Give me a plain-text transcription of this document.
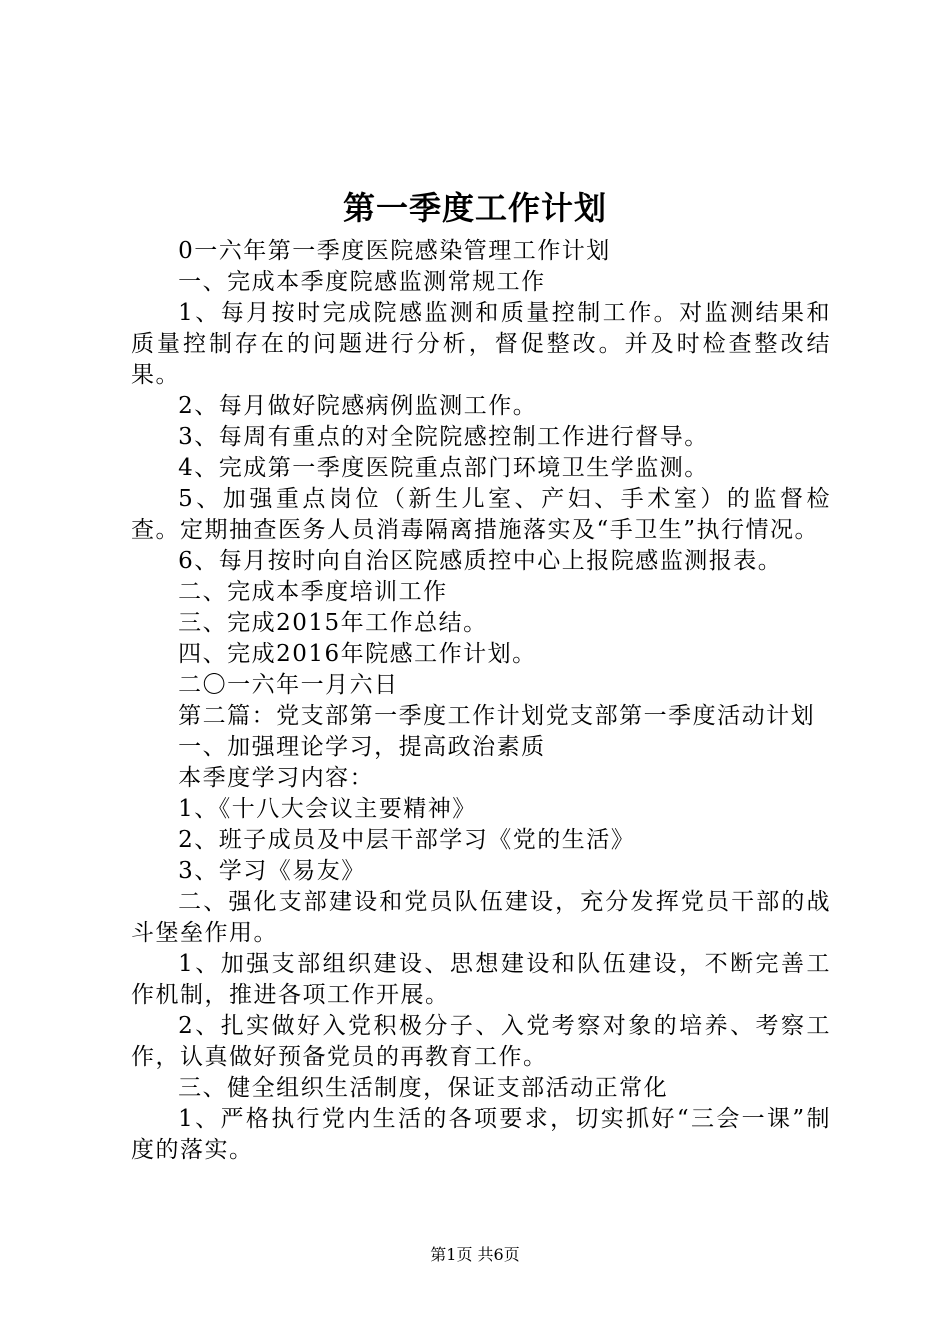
第一季度工作计划

0一六年第一季度医院感染管理工作计划

一、完成本季度院感监测常规工作

1、每月按时完成院感监测和质量控制工作。对监测结果和质量控制存在的问题进行分析，督促整改。并及时检查整改结果。

2、每月做好院感病例监测工作。

3、每周有重点的对全院院感控制工作进行督导。

4、完成第一季度医院重点部门环境卫生学监测。

5、加强重点岗位（新生儿室、产妇、手术室）的监督检查。定期抽查医务人员消毒隔离措施落实及“手卫生”执行情况。

6、每月按时向自治区院感质控中心上报院感监测报表。

二、完成本季度培训工作

三、完成2015年工作总结。

四、完成2016年院感工作计划。

二〇一六年一月六日

第二篇：党支部第一季度工作计划党支部第一季度活动计划

一、加强理论学习，提高政治素质

本季度学习内容：

1、《十八大会议主要精神》

2、班子成员及中层干部学习《党的生活》

3、学习《易友》

二、强化支部建设和党员队伍建设，充分发挥党员干部的战斗堡垒作用。

1、加强支部组织建设、思想建设和队伍建设，不断完善工作机制，推进各项工作开展。

2、扎实做好入党积极分子、入党考察对象的培养、考察工作，认真做好预备党员的再教育工作。

三、健全组织生活制度，保证支部活动正常化

1、严格执行党内生活的各项要求，切实抓好“三会一课”制度的落实。

第1页 共6页
